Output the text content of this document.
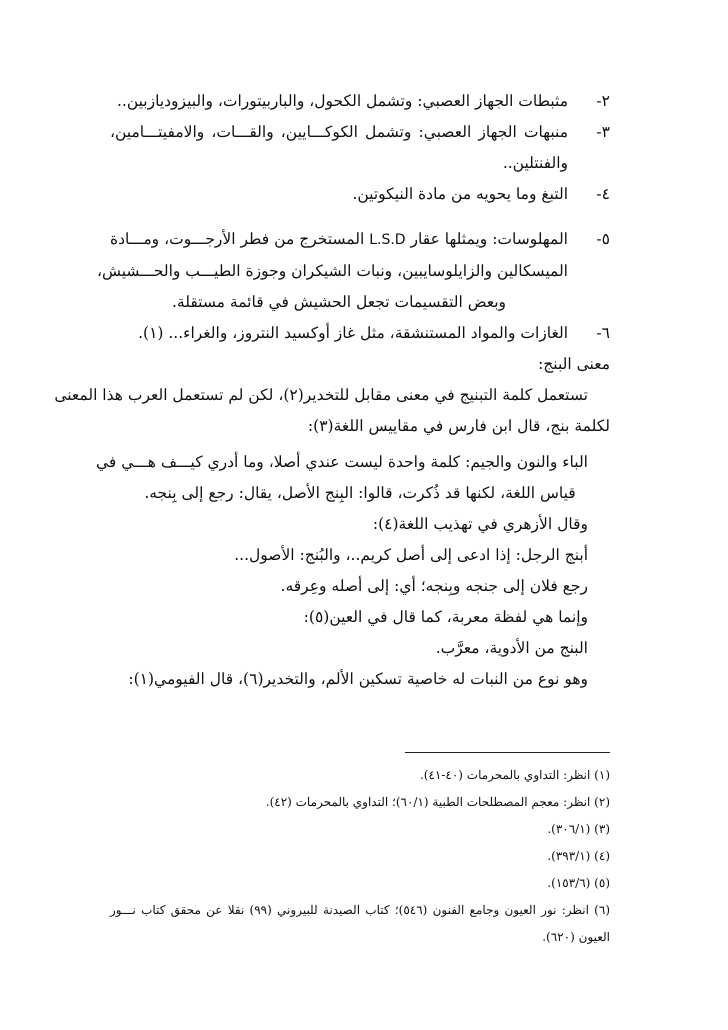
٢-
مثبطات الجهاز العصبي: وتشمل الكحول، والباربيتورات، والبيزوديازبين..
٣-
منبهات الجهاز العصبي: وتشمل الكوكـــايين، والقـــات، والامفيتـــامين،
والفنتلين..
٤-
التبغ وما يحويه من مادة النيكوتين.
٥-
المهلوسات: ويمثلها عقار L.S.D المستخرج من فطر الأرجـــوت، ومـــادة
الميسكالين والزايلوسايبين، ونبات الشيكران وجوزة الطيـــب والحـــشيش،
وبعض التقسيمات تجعل الحشيش في قائمة مستقلة.
٦-
الغازات والمواد المستنشقة، مثل غاز أوكسيد النتروز، والغراء... (١).
معنى البنج:
تستعمل كلمة التبنيج في معنى مقابل للتخدير(٢)، لكن لم تستعمل العرب هذا المعنى
لكلمة بنج، قال ابن فارس في مقاييس اللغة(٣):
الباء والنون والجيم: كلمة واحدة ليست عندي أصلا، وما أدري كيـــف هـــي في
قياس اللغة، لكنها قد ذُكرت، قالوا: البِنج الأصل، يقال: رجع إلى بِنجه.
وقال الأزهري في تهذيب اللغة(٤):
أبنج الرجل: إذا ادعى إلى أصل كريم..، والبُنج: الأصول...
رجع فلان إلى جنجه وبِنجه؛ أي: إلى أصله وعِرقه.
وإنما هي لفظة معربة، كما قال في العين(٥):
البنج من الأدوية، معرَّب.
وهو نوع من النبات له خاصية تسكين الألم، والتخدير(٦)، قال الفيومي(١):
(١) انظر: التداوي بالمحرمات (٤٠-٤١).
(٢) انظر: معجم المصطلحات الطبية (٦٠/١)؛ التداوي بالمحرمات (٤٢).
(٣) (٣٠٦/١).
(٤) (٣٩٣/١).
(٥) (١٥٣/٦).
(٦) انظر: نور العيون وجامع الفنون (٥٤٦)؛ كتاب الصيدنة للبيروني (٩٩) نقلا عن محقق كتاب نـــور
العيون (٦٢٠).
